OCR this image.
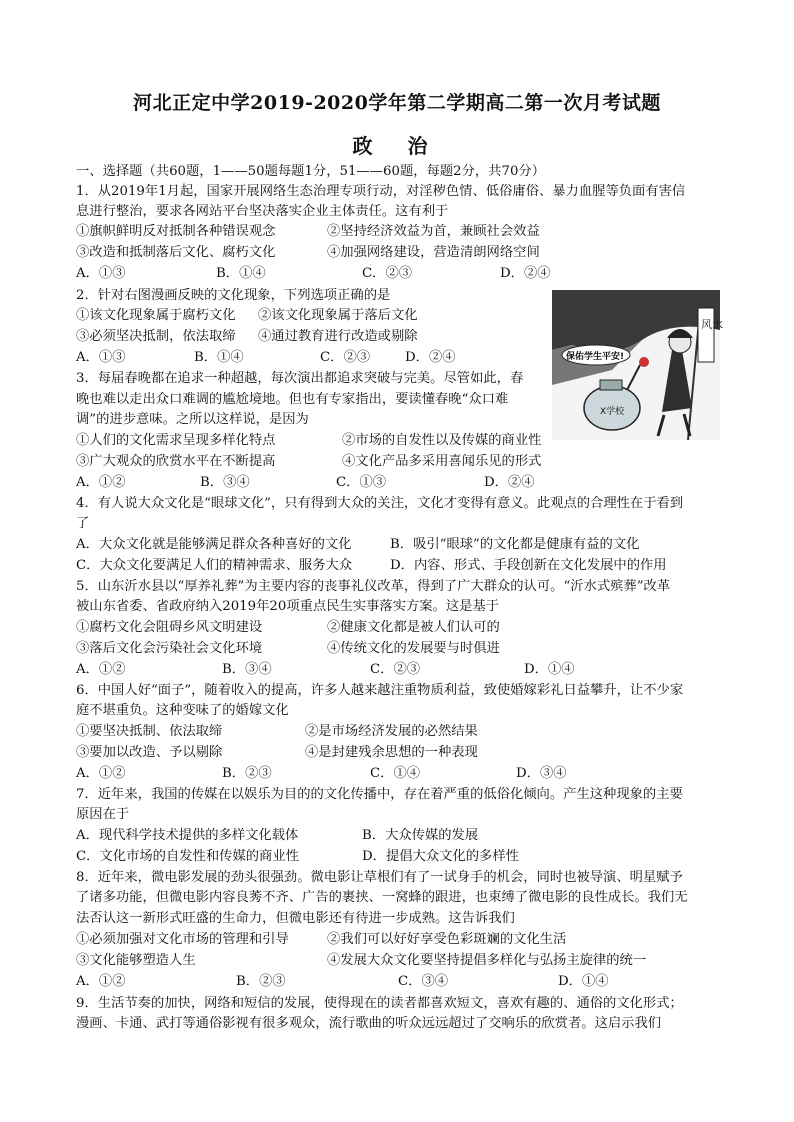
河北正定中学2019-2020学年第二学期高二第一次月考试题
政 治
一、选择题（共60题，1——50题每题1分，51——60题，每题2分，共70分）
1．从2019年1月起，国家开展网络生态治理专项行动，对淫秽色情、低俗庸俗、暴力血腥等负面有害信
息进行整治，要求各网站平台坚决落实企业主体责任。这有利于
①旗帜鲜明反对抵制各种错误观念	②坚持经济效益为首，兼顾社会效益
③改造和抵制落后文化、腐朽文化	④加强网络建设，营造清朗网络空间
A．①③	B．①④	C．②③	D．②④
2．针对右图漫画反映的文化现象，下列选项正确的是
①该文化现象属于腐朽文化 ②该文化现象属于落后文化
③必须坚决抵制，依法取缔 ④通过教育进行改造或剔除
A．①③	B．①④	C．②③	D．②④
X学校
保佑学生平安!
风水
3．每届春晚都在追求一种超越，每次演出都追求突破与完美。尽管如此，春
晚也难以走出众口难调的尴尬境地。但也有专家指出，要读懂春晚“众口难
调”的进步意味。之所以这样说，是因为
①人们的文化需求呈现多样化特点	②市场的自发性以及传媒的商业性
③广大观众的欣赏水平在不断提高	④文化产品多采用喜闻乐见的形式
A．①②	B．③④	C．①③	D．②④
4．有人说大众文化是“眼球文化”，只有得到大众的关注，文化才变得有意义。此观点的合理性在于看到
了
A．大众文化就是能够满足群众各种喜好的文化	B．吸引“眼球”的文化都是健康有益的文化
C．大众文化要满足人们的精神需求、服务大众	D．内容、形式、手段创新在文化发展中的作用
5．山东沂水县以“厚养礼葬”为主要内容的丧事礼仪改革，得到了广大群众的认可。“沂水式殡葬”改革
被山东省委、省政府纳入2019年20项重点民生实事落实方案。这是基于
①腐朽文化会阻碍乡风文明建设	②健康文化都是被人们认可的
③落后文化会污染社会文化环境	④传统文化的发展要与时俱进
A．①②	B．③④	C．②③	D．①④
6．中国人好“面子”，随着收入的提高，许多人越来越注重物质利益，致使婚嫁彩礼日益攀升，让不少家
庭不堪重负。这种变味了的婚嫁文化
①要坚决抵制、依法取缔	②是市场经济发展的必然结果
③要加以改造、予以剔除	④是封建残余思想的一种表现
A．①②	B．②③	C．①④	D．③④
7．近年来，我国的传媒在以娱乐为目的的文化传播中，存在着严重的低俗化倾向。产生这种现象的主要
原因在于
A．现代科学技术提供的多样文化载体	B．大众传媒的发展
C．文化市场的自发性和传媒的商业性	D．提倡大众文化的多样性
8．近年来，微电影发展的劲头很强劲。微电影让草根们有了一试身手的机会，同时也被导演、明星赋予
了诸多功能，但微电影内容良莠不齐、广告的裹挟、一窝蜂的跟进，也束缚了微电影的良性成长。我们无
法否认这一新形式旺盛的生命力，但微电影还有待进一步成熟。这告诉我们
①必须加强对文化市场的管理和引导	②我们可以好好享受色彩斑斓的文化生活
③文化能够塑造人生	④发展大众文化要坚持提倡多样化与弘扬主旋律的统一
A．①②	B．②③	C．③④	D．①④
9．生活节奏的加快，网络和短信的发展，使得现在的读者都喜欢短文，喜欢有趣的、通俗的文化形式；
漫画、卡通、武打等通俗影视有很多观众，流行歌曲的听众远远超过了交响乐的欣赏者。这启示我们
